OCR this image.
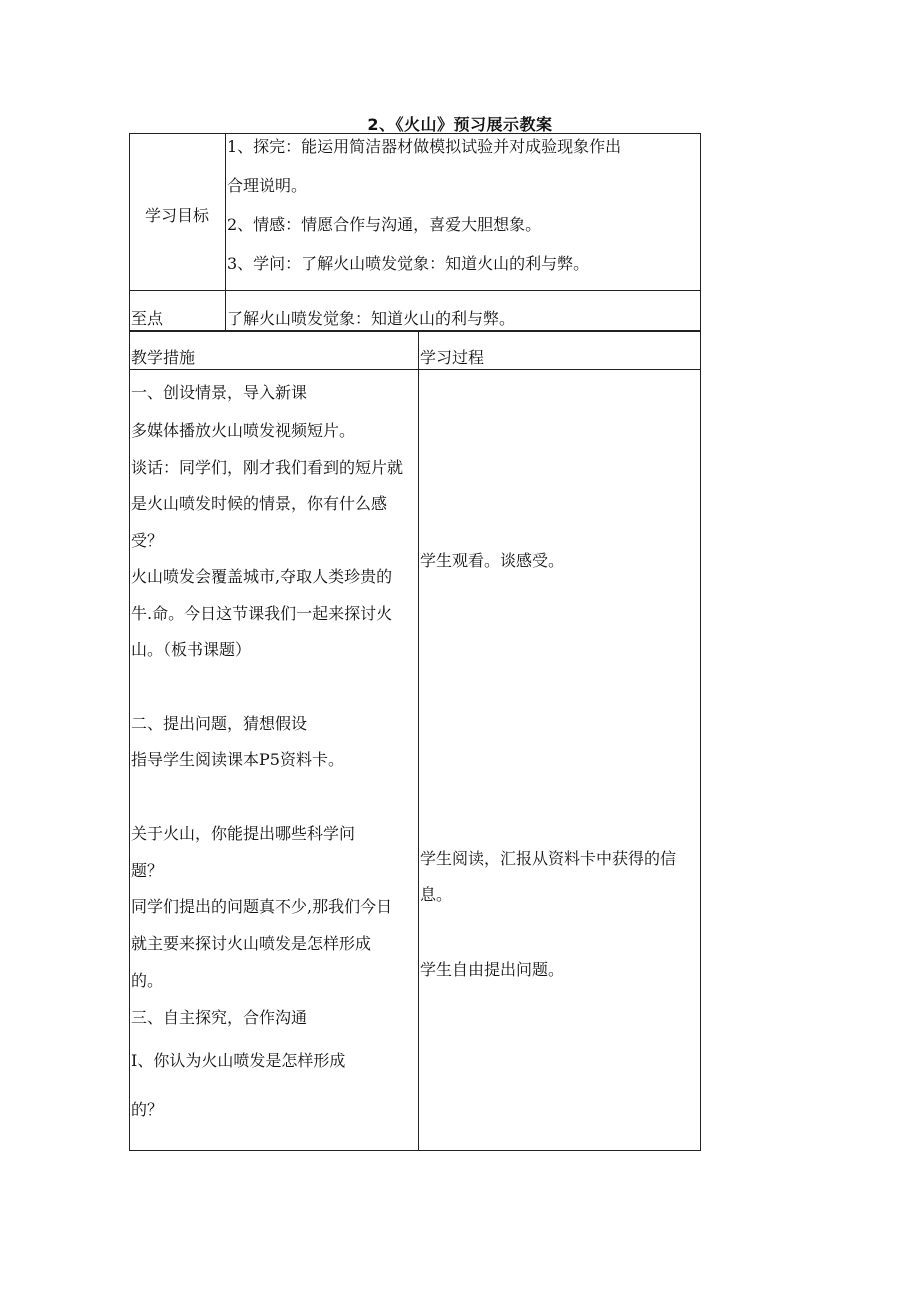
2、《火山》预习展示教案
学习目标
1、探完：能运用简洁器材做模拟试验并对成验现象作出
合理说明。
2、情感：情愿合作与沟通，喜爱大胆想象。
3、学问：了解火山喷发觉象：知道火山的利与弊。
至点	了解火山喷发觉象：知道火山的利与弊。
教学措施	学习过程
一、创设情景，导入新课
多媒体播放火山喷发视频短片。
谈话：同学们，刚才我们看到的短片就
是火山喷发时候的情景，你有什么感
受？
火山喷发会覆盖城市,夺取人类珍贵的
牛.命。今日这节课我们一起来探讨火
山。（板书课题）
二、提出问题，猜想假设
指导学生阅读课本P5资料卡。
关于火山，你能提出哪些科学问
题？
同学们提出的问题真不少,那我们今日
就主要来探讨火山喷发是怎样形成
的。
三、自主探究，合作沟通
I、你认为火山喷发是怎样形成
的？
学生观看。谈感受。
学生阅读，汇报从资料卡中获得的信
息。
学生自由提出问题。
